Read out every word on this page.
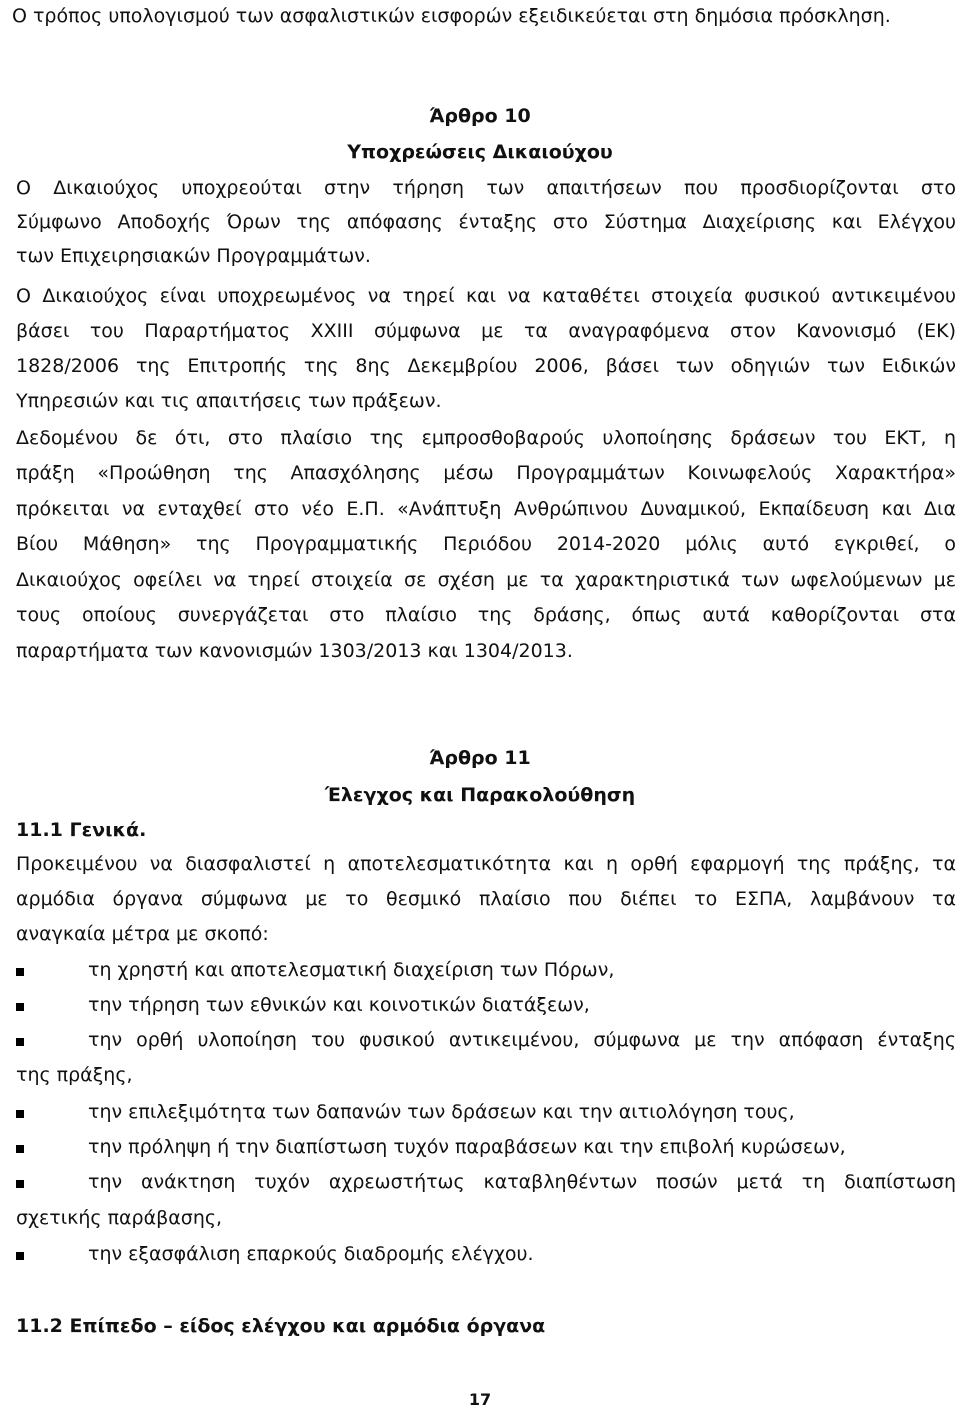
Ο τρόπος υπολογισμού των ασφαλιστικών εισφορών εξειδικεύεται στη δημόσια πρόσκληση.
Άρθρο 10
Υποχρεώσεις Δικαιούχου
Ο Δικαιούχος υποχρεούται στην τήρηση των απαιτήσεων που προσδιορίζονται στο
Σύμφωνο Αποδοχής Όρων της απόφασης ένταξης στο Σύστημα Διαχείρισης και Ελέγχου
των Επιχειρησιακών Προγραμμάτων.
Ο Δικαιούχος είναι υποχρεωμένος να τηρεί και να καταθέτει στοιχεία φυσικού αντικειμένου
βάσει του Παραρτήματος XXIII σύμφωνα με τα αναγραφόμενα στον Κανονισμό (ΕΚ)
1828/2006 της Επιτροπής της 8ης Δεκεμβρίου 2006, βάσει των οδηγιών των Ειδικών
Υπηρεσιών και τις απαιτήσεις των πράξεων.
Δεδομένου δε ότι, στο πλαίσιο της εμπροσθοβαρούς υλοποίησης δράσεων του ΕΚΤ, η
πράξη «Προώθηση της Απασχόλησης μέσω Προγραμμάτων Κοινωφελούς Χαρακτήρα»
πρόκειται να ενταχθεί στο νέο Ε.Π. «Ανάπτυξη Ανθρώπινου Δυναμικού, Εκπαίδευση και Δια
Βίου Μάθηση» της Προγραμματικής Περιόδου 2014-2020 μόλις αυτό εγκριθεί, ο
Δικαιούχος οφείλει να τηρεί στοιχεία σε σχέση με τα χαρακτηριστικά των ωφελούμενων με
τους οποίους συνεργάζεται στο πλαίσιο της δράσης, όπως αυτά καθορίζονται στα
παραρτήματα των κανονισμών 1303/2013 και 1304/2013.
Άρθρο 11
Έλεγχος και Παρακολούθηση
11.1 Γενικά.
Προκειμένου να διασφαλιστεί η αποτελεσματικότητα και η ορθή εφαρμογή της πράξης, τα
αρμόδια όργανα σύμφωνα με το θεσμικό πλαίσιο που διέπει το ΕΣΠΑ, λαμβάνουν τα
αναγκαία μέτρα με σκοπό:
τη χρηστή και αποτελεσματική διαχείριση των Πόρων,
την τήρηση των εθνικών και κοινοτικών διατάξεων,
την ορθή υλοποίηση του φυσικού αντικειμένου, σύμφωνα με την απόφαση ένταξης
της πράξης,
την επιλεξιμότητα των δαπανών των δράσεων και την αιτιολόγηση τους,
την πρόληψη ή την διαπίστωση τυχόν παραβάσεων και την επιβολή κυρώσεων,
την ανάκτηση τυχόν αχρεωστήτως καταβληθέντων ποσών μετά τη διαπίστωση
σχετικής παράβασης,
την εξασφάλιση επαρκούς διαδρομής ελέγχου.
11.2 Επίπεδο – είδος ελέγχου και αρμόδια όργανα
17
